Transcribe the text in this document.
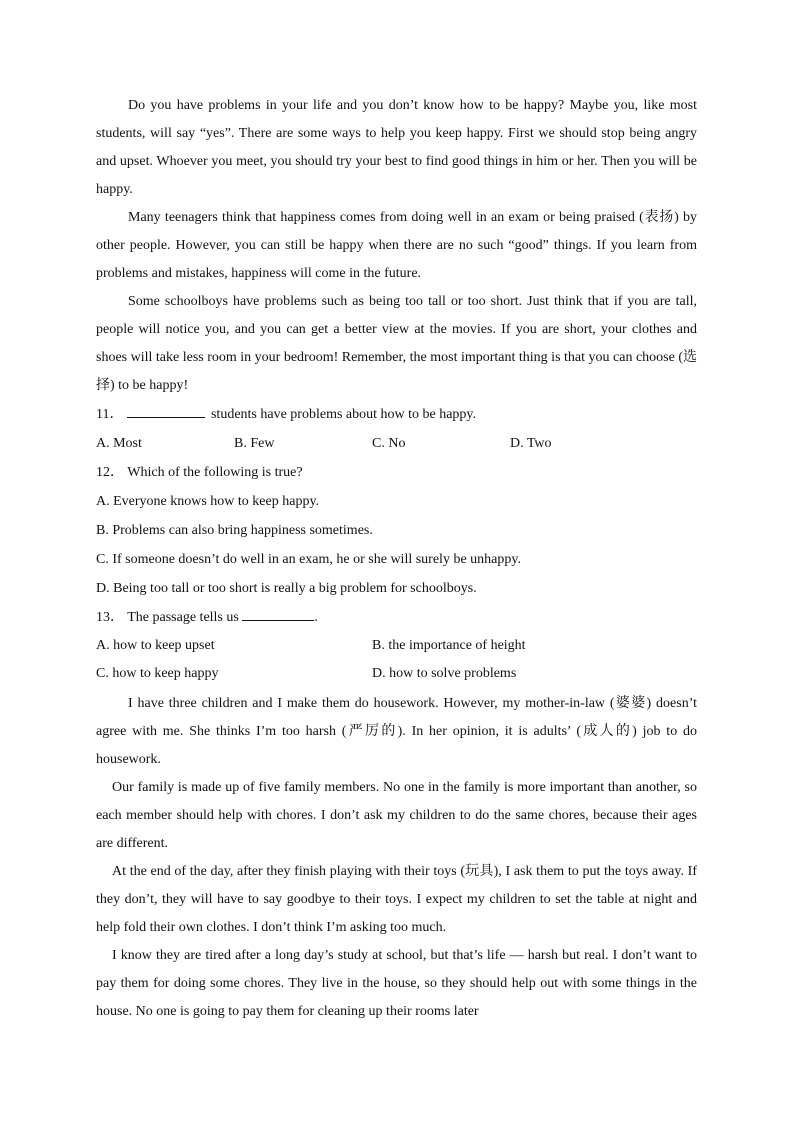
Do you have problems in your life and you don’t know how to be happy? Maybe you, like most students, will say “yes”. There are some ways to help you keep happy. First we should stop being angry and upset. Whoever you meet, you should try your best to find good things in him or her. Then you will be happy.

Many teenagers think that happiness comes from doing well in an exam or being praised (表扬) by other people. However, you can still be happy when there are no such “good” things. If you learn from problems and mistakes, happiness will come in the future.

Some schoolboys have problems such as being too tall or too short. Just think that if you are tall, people will notice you, and you can get a better view at the movies. If you are short, your clothes and shoes will take less room in your bedroom! Remember, the most important thing is that you can choose (选择) to be happy!

11．	students have problems about how to be happy.
A. Most	B. Few	C. No	D. Two
12． Which of the following is true?
A. Everyone knows how to keep happy.
B. Problems can also bring happiness sometimes.
C. If someone doesn’t do well in an exam, he or she will surely be unhappy.
D. Being too tall or too short is really a big problem for schoolboys.
13． The passage tells us	.
A. how to keep upset	B. the importance of height
C. how to keep happy	D. how to solve problems

I have three children and I make them do housework. However, my mother-in-law (婆婆) doesn’t agree with me. She thinks I’m too harsh (严厉的). In her opinion, it is adults’ (成人的) job to do housework.

Our family is made up of five family members. No one in the family is more important than another, so each member should help with chores. I don’t ask my children to do the same chores, because their ages are different.

At the end of the day, after they finish playing with their toys (玩具), I ask them to put the toys away. If they don’t, they will have to say goodbye to their toys. I expect my children to set the table at night and help fold their own clothes. I don’t think I’m asking too much.

I know they are tired after a long day’s study at school, but that’s life — harsh but real. I don’t want to pay them for doing some chores. They live in the house, so they should help out with some things in the house. No one is going to pay them for cleaning up their rooms later
